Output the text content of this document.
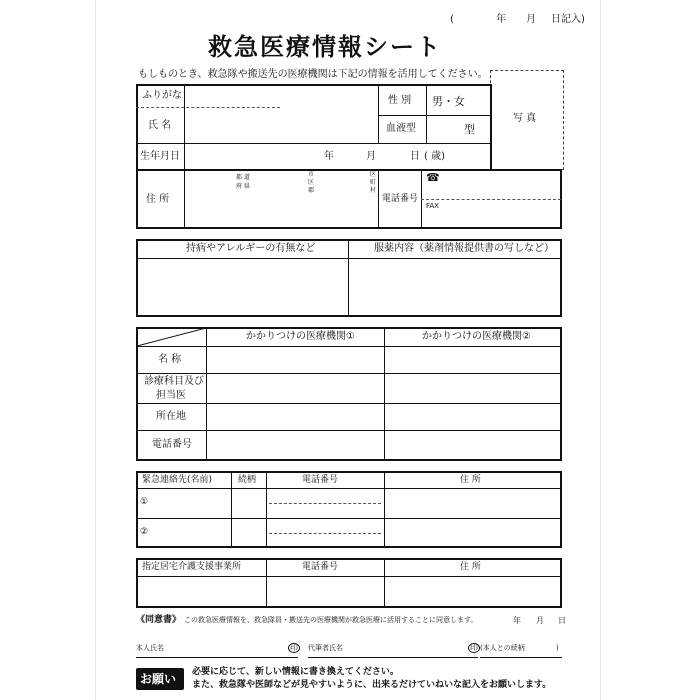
(	年 月 日記入)
救急医療情報シート
もしものとき、救急隊や搬送先の医療機関は下記の情報を活用してください。
写 真
ふりがな
氏 名
性 別 男・女
血液型	型
生年月日	年	月	日 ( 歳)
住 所
都 道
府 県
市
区
郡
区
町
村
電話番号
☎
FAX
持病やアレルギーの有無など	服薬内容（薬剤情報提供書の写しなど）
かかりつけの医療機関①	かかりつけの医療機関②
名 称
診療科目及び
担当医
所在地
電話番号
緊急連絡先(名前)	続柄	電話番号	住 所
①
②
指定居宅介護支援事業所	電話番号	住 所
《同意書》 この救急医療情報を、救急隊員・搬送先の医療機関が救急医療に活用することに同意します。	年 月 日
本人氏名	印 代筆者氏名	印 (本人との続柄	)
お願い 必要に応じて、新しい情報に書き換えてください。
また、救急隊や医師などが見やすいように、出来るだけていねいな記入をお願いします。
